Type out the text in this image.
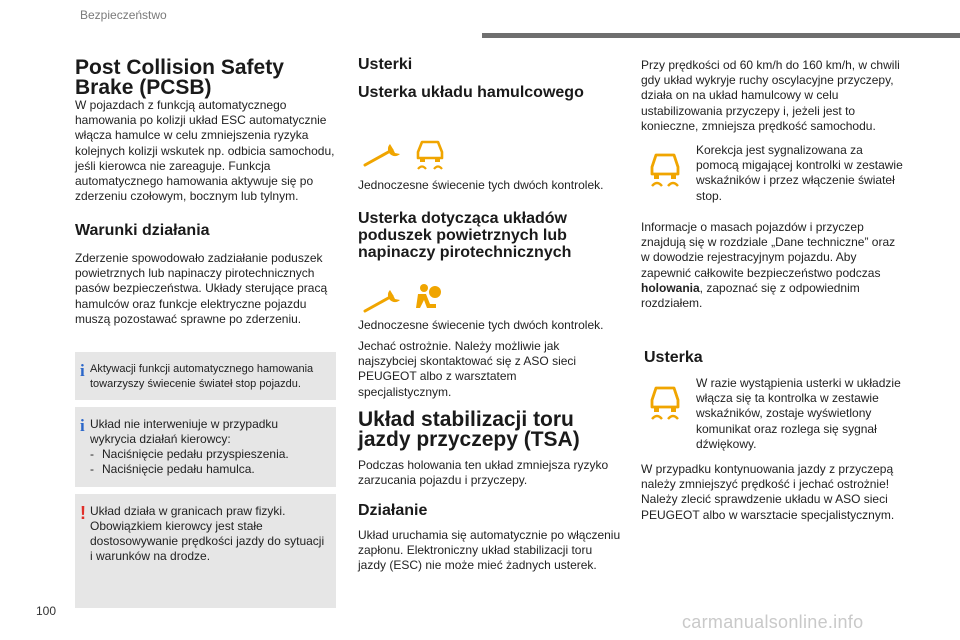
Bezpieczeństwo
Post Collision Safety Brake (PCSB)
W pojazdach z funkcją automatycznego hamowania po kolizji układ ESC automatycznie włącza hamulce w celu zmniejszenia ryzyka kolejnych kolizji wskutek np. odbicia samochodu, jeśli kierowca nie zareaguje. Funkcja automatycznego hamowania aktywuje się po zderzeniu czołowym, bocznym lub tylnym.
Warunki działania
Zderzenie spowodowało zadziałanie poduszek powietrznych lub napinaczy pirotechnicznych pasów bezpieczeństwa. Układy sterujące pracą hamulców oraz funkcje elektryczne pojazdu muszą pozostawać sprawne po zderzeniu.
i Aktywacji funkcji automatycznego hamowania towarzyszy świecenie świateł stop pojazdu.
i Układ nie interweniuje w przypadku wykrycia działań kierowcy:
- Naciśnięcie pedału przyspieszenia.
- Naciśnięcie pedału hamulca.
! Układ działa w granicach praw fizyki. Obowiązkiem kierowcy jest stałe dostosowywanie prędkości jazdy do sytuacji i warunków na drodze.
100
Usterki
Usterka układu hamulcowego
Jednoczesne świecenie tych dwóch kontrolek.
Usterka dotycząca układów poduszek powietrznych lub napinaczy pirotechnicznych
Jednoczesne świecenie tych dwóch kontrolek.
Jechać ostrożnie. Należy możliwie jak najszybciej skontaktować się z ASO sieci PEUGEOT albo z warsztatem specjalistycznym.
Układ stabilizacji toru jazdy przyczepy (TSA)
Podczas holowania ten układ zmniejsza ryzyko zarzucania pojazdu i przyczepy.
Działanie
Układ uruchamia się automatycznie po włączeniu zapłonu. Elektroniczny układ stabilizacji toru jazdy (ESC) nie może mieć żadnych usterek.
Przy prędkości od 60 km/h do 160 km/h, w chwili gdy układ wykryje ruchy oscylacyjne przyczepy, działa on na układ hamulcowy w celu ustabilizowania przyczepy i, jeżeli jest to konieczne, zmniejsza prędkość samochodu.
Korekcja jest sygnalizowana za pomocą migającej kontrolki w zestawie wskaźników i przez włączenie świateł stop.
Informacje o masach pojazdów i przyczep znajdują się w rozdziale „Dane techniczne” oraz w dowodzie rejestracyjnym pojazdu. Aby zapewnić całkowite bezpieczeństwo podczas holowania, zapoznać się z odpowiednim rozdziałem.
Usterka
W razie wystąpienia usterki w układzie włącza się ta kontrolka w zestawie wskaźników, zostaje wyświetlony komunikat oraz rozlega się sygnał dźwiękowy.
W przypadku kontynuowania jazdy z przyczepą należy zmniejszyć prędkość i jechać ostrożnie! Należy zlecić sprawdzenie układu w ASO sieci PEUGEOT albo w warsztacie specjalistycznym.
carmanualsonline.info
